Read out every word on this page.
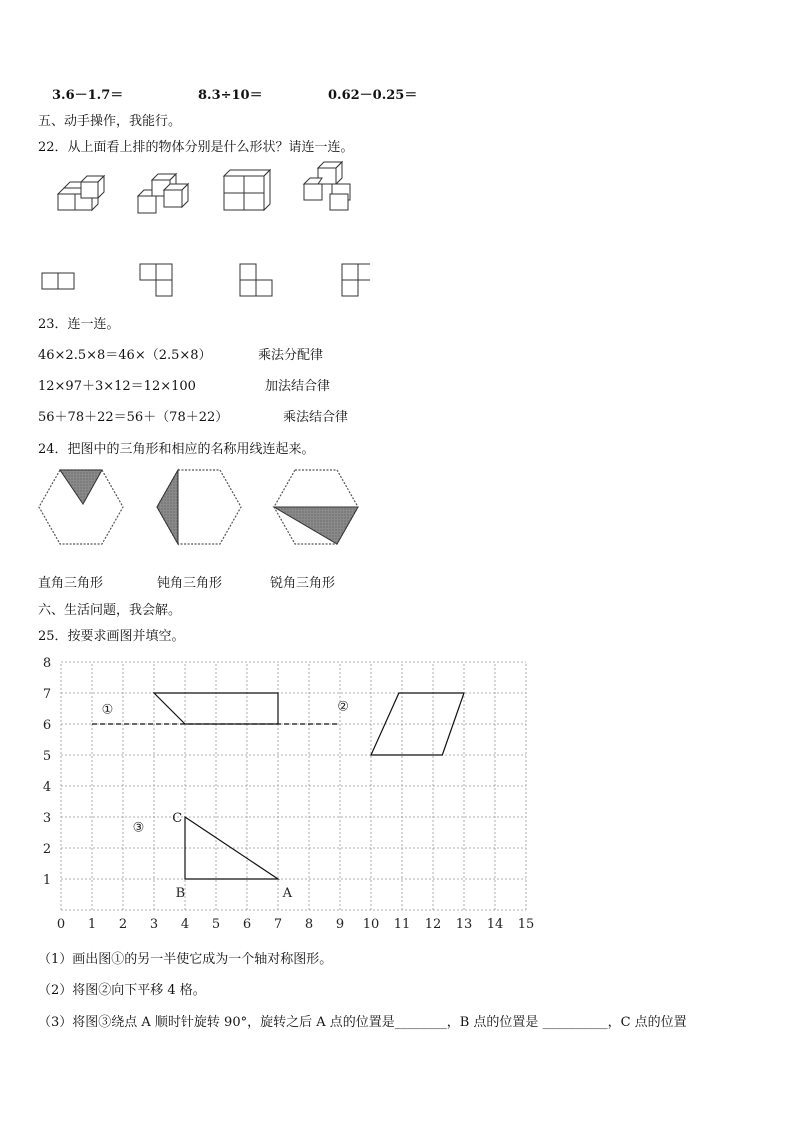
3.6－1.7＝	8.3÷10＝	0.62－0.25＝
五、动手操作，我能行。
22．从上面看上排的物体分别是什么形状？请连一连。
23．连一连。
46×2.5×8＝46×（2.5×8）	乘法分配律
12×97＋3×12＝12×100	加法结合律
56＋78＋22＝56＋（78＋22）	乘法结合律
24．把图中的三角形和相应的名称用线连起来。
直角三角形	钝角三角形	锐角三角形
六、生活问题，我会解。
25．按要求画图并填空。
0 1 2 3 4 5 6 7 8 9 10 11 12 13 14 15
1
2
3
4
5
6
7
8
①	②
③
A
B
C
（1）画出图①的另一半使它成为一个轴对称图形。
（2）将图②向下平移 4 格。
（3）将图③绕点 A 顺时针旋转 90°，旋转之后 A 点的位置是________，B 点的位置是 __________，C 点的位置
